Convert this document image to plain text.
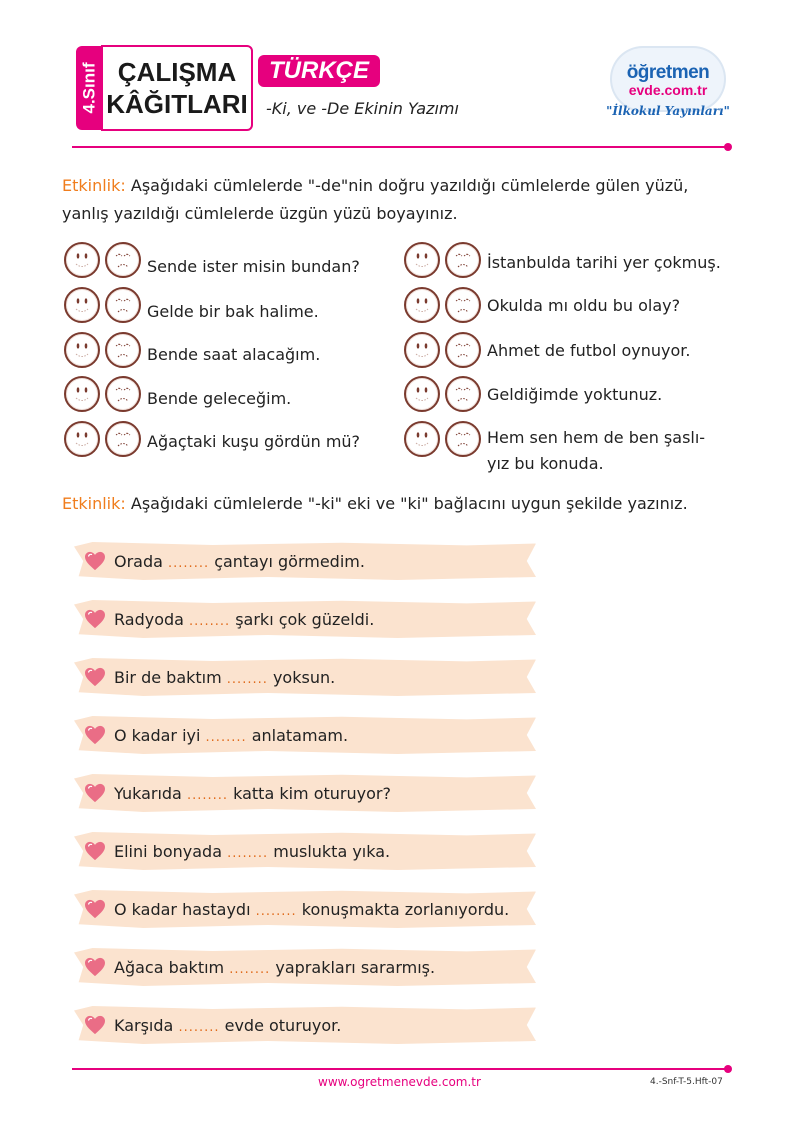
4.Sınıf ÇALIŞMA
KÂĞITLARI
TÜRKÇE
-Ki, ve -De Ekinin Yazımı
öğretmen
evde.com.tr
"İlkokul Yayınları"
Etkinlik: Aşağıdaki cümlelerde "-de"nin doğru yazıldığı cümlelerde gülen yüzü,
yanlış yazıldığı cümlelerde üzgün yüzü boyayınız.
Sende ister misin bundan?
Gelde bir bak halime.
Bende saat alacağım.
Bende geleceğim.
Ağaçtaki kuşu gördün mü?
İstanbulda tarihi yer çokmuş.
Okulda mı oldu bu olay?
Ahmet de futbol oynuyor.
Geldiğimde yoktunuz.
Hem sen hem de ben şaslı-
yız bu konuda.
Etkinlik: Aşağıdaki cümlelerde "-ki" eki ve "ki" bağlacını uygun şekilde yazınız.
Orada ........ çantayı görmedim.
Radyoda ........ şarkı çok güzeldi.
Bir de baktım ........ yoksun.
O kadar iyi ........ anlatamam.
Yukarıda ........ katta kim oturuyor?
Elini bonyada ........ muslukta yıka.
O kadar hastaydı ........ konuşmakta zorlanıyordu.
Ağaca baktım ........ yaprakları sararmış.
Karşıda ........ evde oturuyor.
www.ogretmenevde.com.tr	4.-Snf-T-5.Hft-07
